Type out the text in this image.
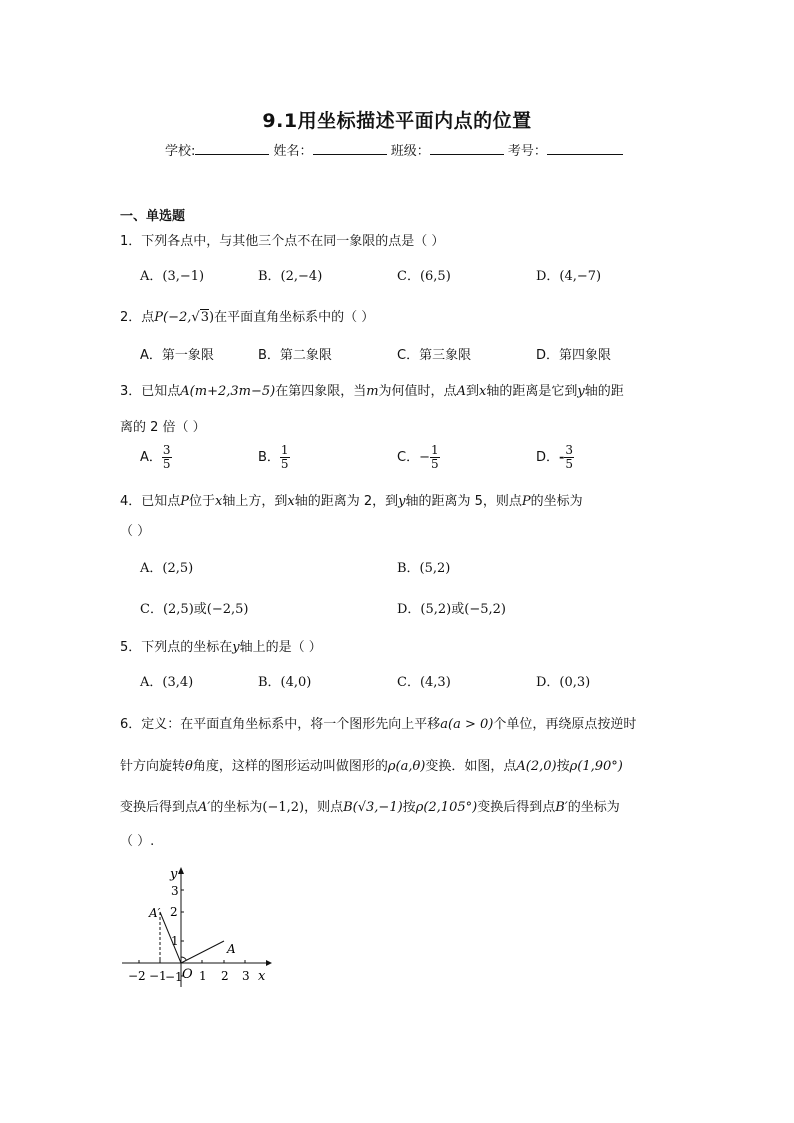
9.1用坐标描述平面内点的位置
学校:	姓名：	班级：	考号：
一、单选题
1．下列各点中，与其他三个点不在同一象限的点是（ ）
A．(3,−1)	B．(2,−4)	C．(6,5)	D．(4,−7)
2．点P(−2,√3)在平面直角坐标系中的（ ）
A．第一象限	B．第二象限	C．第三象限	D．第四象限
3．已知点A(m+2,3m−5)在第四象限，当m为何值时，点A到x轴的距离是它到y轴的距
离的 2 倍（ ）
A． $\frac{3}{5}$	B． $\frac{1}{5}$	C．− $\frac{1}{5}$	D．- $\frac{3}{5}$
4．已知点P位于x轴上方，到x轴的距离为 2，到y轴的距离为 5，则点P的坐标为
（ ）
A．(2,5)	B．(5,2)
C．(2,5)或(−2,5)	D．(5,2)或(−5,2)
5．下列点的坐标在y轴上的是（ ）
A．(3,4)	B．(4,0)	C．(4,3)	D．(0,3)
6．定义：在平面直角坐标系中，将一个图形先向上平移a(a > 0)个单位，再绕原点按逆时
针方向旋转θ角度，这样的图形运动叫做图形的ρ(a,θ)变换．如图，点A(2,0)按ρ(1,90°)
变换后得到点A′的坐标为(−1,2)，则点B(√3,−1)按ρ(2,105°)变换后得到点B′的坐标为
（ ）.
y
x
O
A
A′
−2 −1	1 2 3
3
2
1
−1
